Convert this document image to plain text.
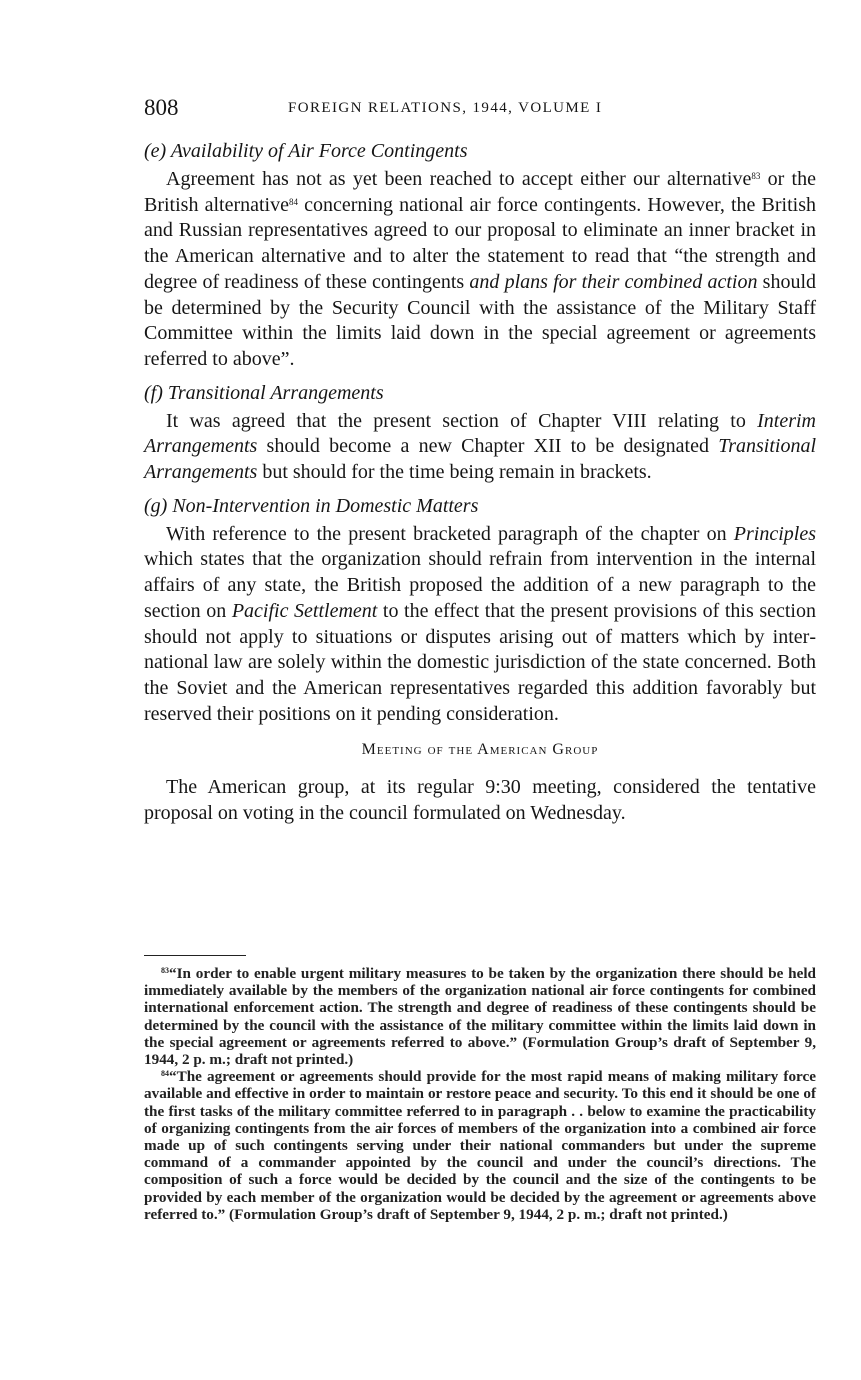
808	FOREIGN RELATIONS, 1944, VOLUME I
(e) Availability of Air Force Contingents

Agreement has not as yet been reached to accept either our alternative$^{83}$ or the British alternative$^{84}$ concerning national air force contingents. However, the British and Russian representatives agreed to our proposal to eliminate an inner bracket in the American alternative and to alter the statement to read that “the strength and degree of readiness of these contingents and plans for their combined action should be determined by the Security Council with the assistance of the Military Staff Committee within the limits laid down in the special agreement or agreements referred to above”.

(f) Transitional Arrangements

It was agreed that the present section of Chapter VIII relating to Interim Arrangements should become a new Chapter XII to be designated Transitional Arrangements but should for the time being remain in brackets.

(g) Non-Intervention in Domestic Matters

With reference to the present bracketed paragraph of the chapter on Principles which states that the organization should refrain from intervention in the internal affairs of any state, the British proposed the addition of a new paragraph to the section on Pacific Settlement to the effect that the present provisions of this section should not apply to situations or disputes arising out of matters which by international law are solely within the domestic jurisdiction of the state concerned. Both the Soviet and the American representatives regarded this addition favorably but reserved their positions on it pending consideration.

Meeting of the American Group

The American group, at its regular 9:30 meeting, considered the tentative proposal on voting in the council formulated on Wednesday.

$^{83}$“In order to enable urgent military measures to be taken by the organization there should be held immediately available by the members of the organization national air force contingents for combined international enforcement action. The strength and degree of readiness of these contingents should be determined by the council with the assistance of the military committee within the limits laid down in the special agreement or agreements referred to above.” (Formulation Group’s draft of September 9, 1944, 2 p. m.; draft not printed.)

$^{84}$“The agreement or agreements should provide for the most rapid means of making military force available and effective in order to maintain or restore peace and security. To this end it should be one of the first tasks of the military committee referred to in paragraph . . below to examine the practicability of organizing contingents from the air forces of members of the organization into a combined air force made up of such contingents serving under their national commanders but under the supreme command of a commander appointed by the council and under the council’s directions. The composition of such a force would be decided by the council and the size of the contingents to be provided by each member of the organization would be decided by the agreement or agreements above referred to.” (Formulation Group’s draft of September 9, 1944, 2 p. m.; draft not printed.)
